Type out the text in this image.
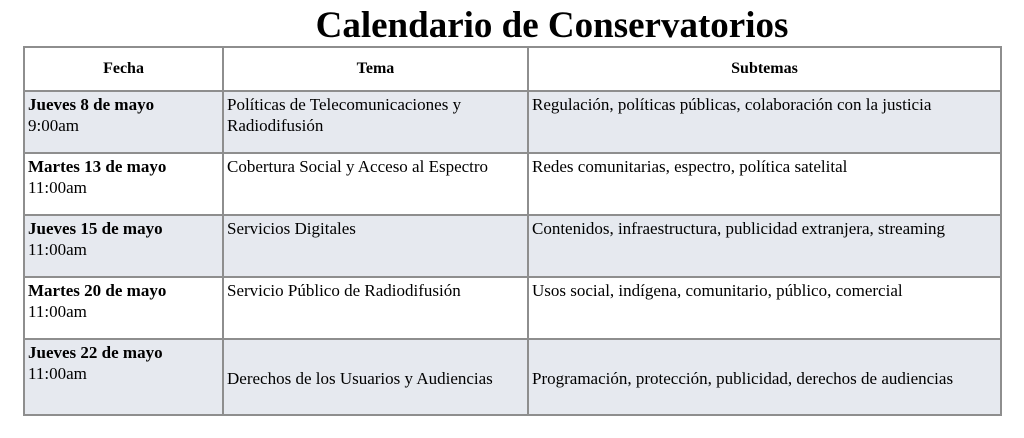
Calendario de Conservatorios
Fecha	Tema	Subtemas

Jueves 8 de mayo
9:00am	Políticas de Telecomunicaciones y Radiodifusión	Regulación, políticas públicas, colaboración con la justicia

Martes 13 de mayo
11:00am	Cobertura Social y Acceso al Espectro	Redes comunitarias, espectro, política satelital

Jueves 15 de mayo
11:00am	Servicios Digitales	Contenidos, infraestructura, publicidad extranjera, streaming

Martes 20 de mayo
11:00am	Servicio Público de Radiodifusión	Usos social, indígena, comunitario, público, comercial

Jueves 22 de mayo
11:00am	Derechos de los Usuarios y Audiencias	Programación, protección, publicidad, derechos de audiencias
